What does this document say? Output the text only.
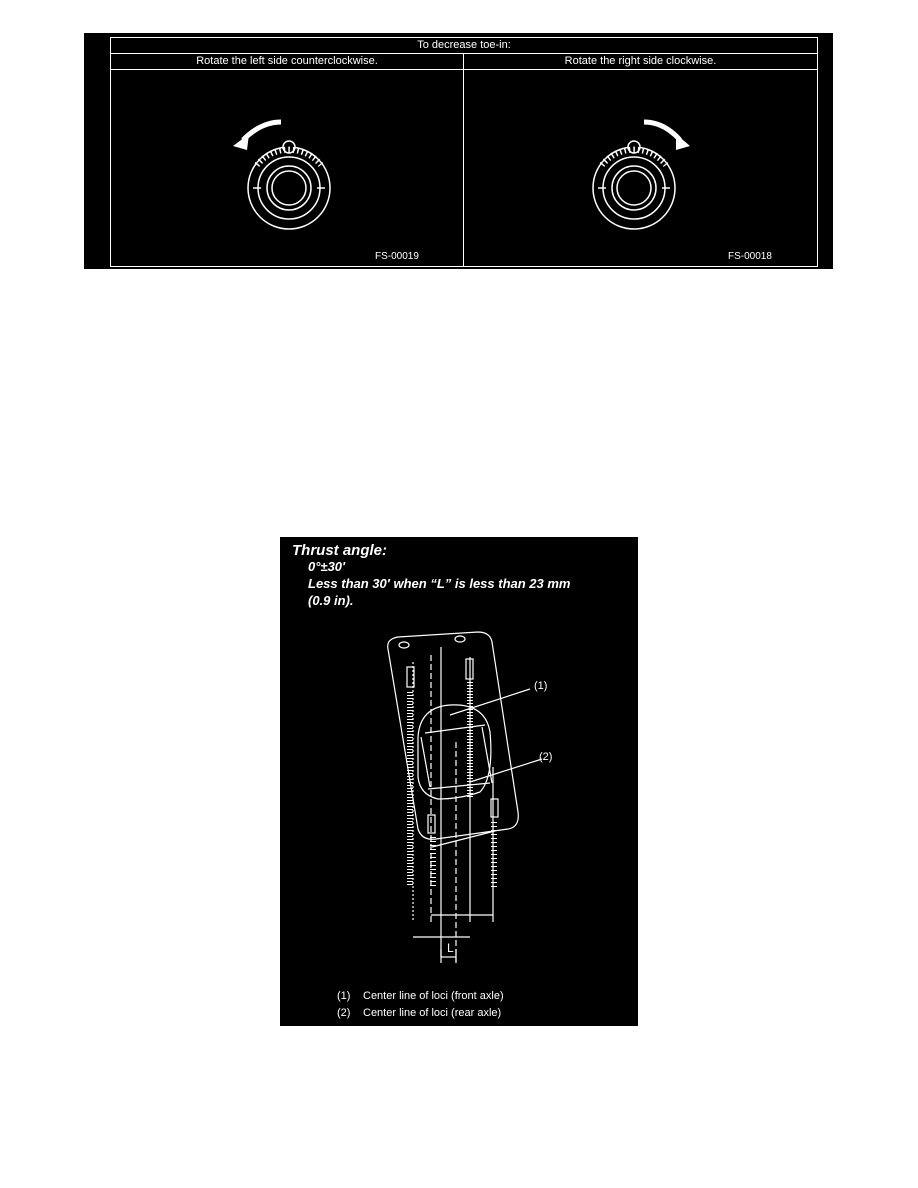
To decrease toe-in:	
Rotate the left side counterclockwise.	Rotate the right side clockwise.

FS-00019	FS-00018
Thrust angle:
0°±30′
Less than 30′ when “L” is less than 23 mm
(0.9 in).
(1)
(2)
L
(1) Center line of loci (front axle)
(2) Center line of loci (rear axle)
